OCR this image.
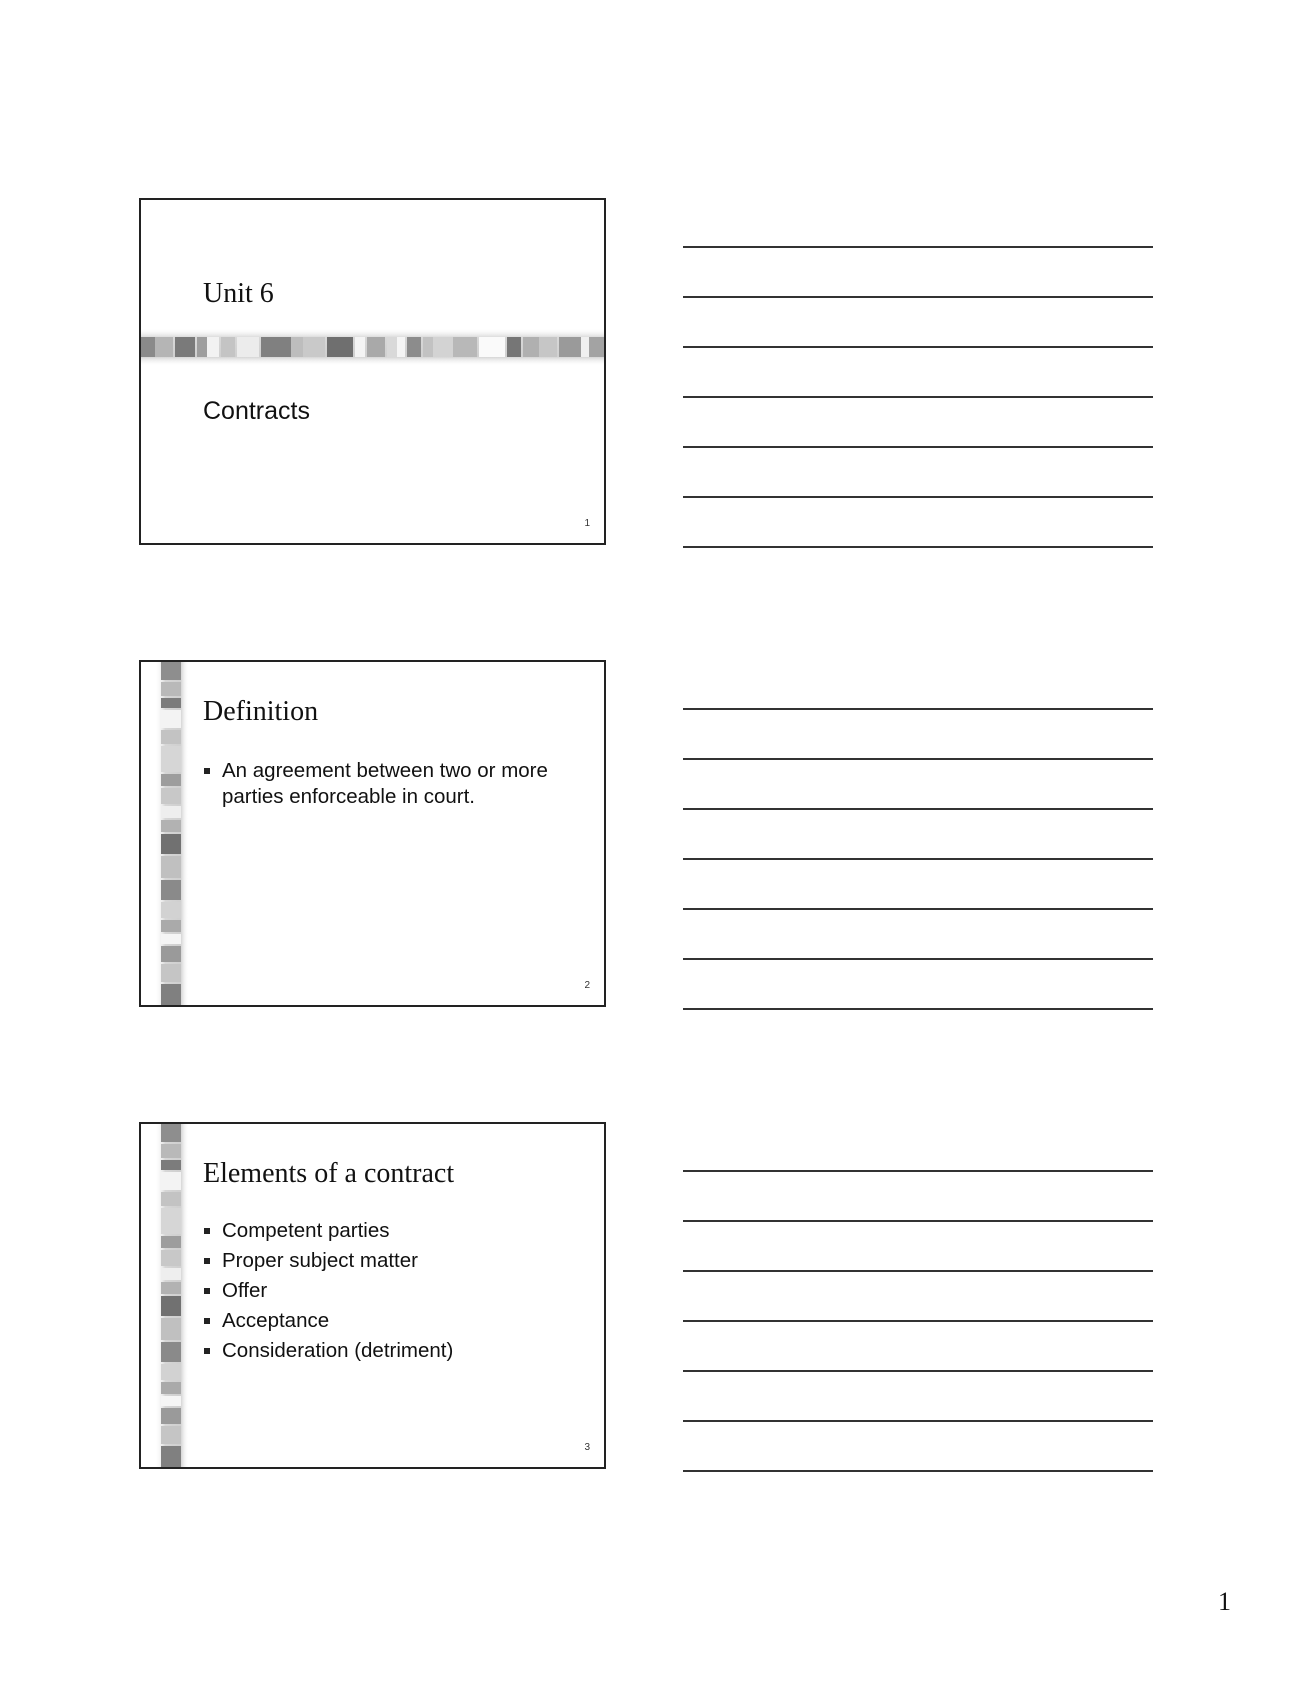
Unit 6
Contracts
1
Definition
An agreement between two or more parties enforceable in court.
2
Elements of a contract
Competent parties
Proper subject matter
Offer
Acceptance
Consideration (detriment)
3
1
